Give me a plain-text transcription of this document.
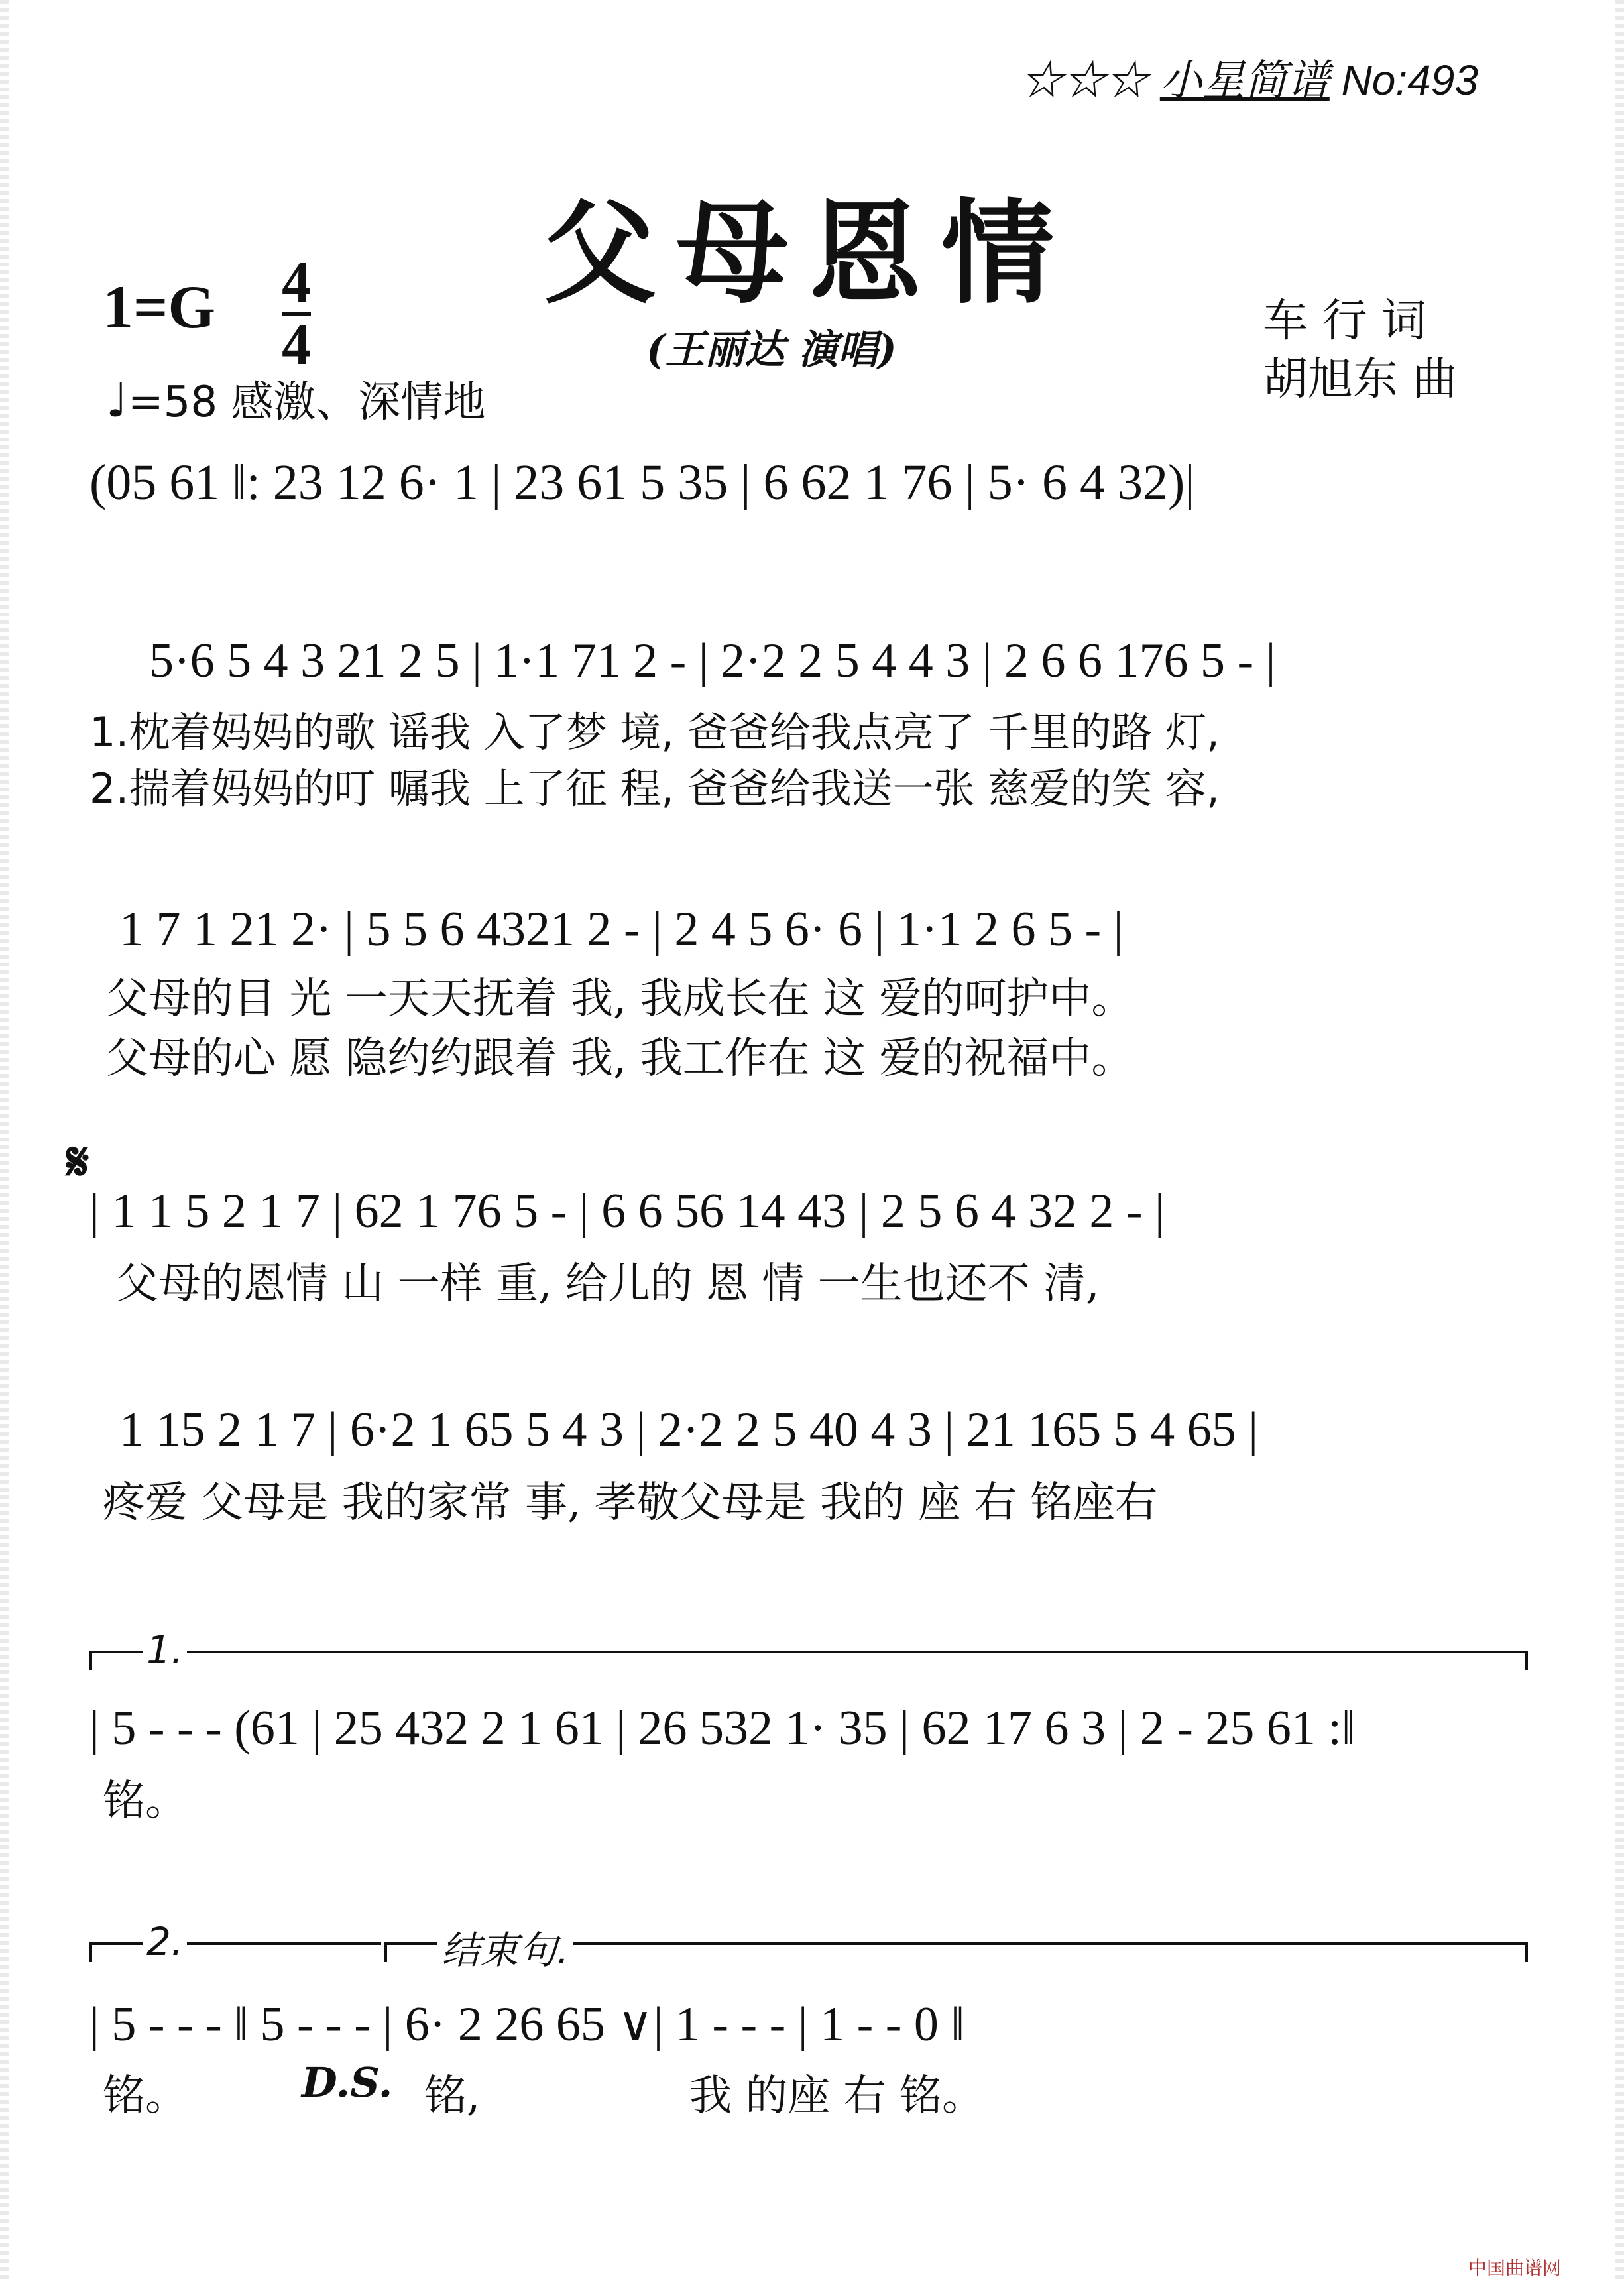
☆☆☆ 小星简谱 No:493
父母恩情
1=G 4
4
♩=58 感激、深情地
(王丽达 演唱)
车 行 词
胡旭东 曲
(05 61 ‖: 23 12 6· 1 | 23 61 5 35 | 6 62 1 76 | 5· 6 4 32)|
5·6 5 4 3 21 2 5 | 1·1 71 2 - | 2·2 2 5 4 4 3 | 2 6 6 176 5 - |
1.枕着妈妈的歌 谣我 入了梦 境, 爸爸给我点亮了 千里的路 灯,
2.揣着妈妈的叮 嘱我 上了征 程, 爸爸给我送一张 慈爱的笑 容,
1 7 1 21 2· | 5 5 6 4321 2 - | 2 4 5 6· 6 | 1·1 2 6 5 - |
父母的目 光 一天天抚着 我, 我成长在 这 爱的呵护中。
父母的心 愿 隐约约跟着 我, 我工作在 这 爱的祝福中。
𝄋
| 1 1 5 2 1 7 | 62 1 76 5 - | 6 6 56 14 43 | 2 5 6 4 32 2 - |
父母的恩情 山 一样 重, 给儿的 恩 情 一生也还不 清,
1 15 2 1 7 | 6·2 1 65 5 4 3 | 2·2 2 5 40 4 3 | 21 165 5 4 65 |
疼爱 父母是 我的家常 事, 孝敬父母是 我的 座 右 铭座右
1.
| 5 - - - (61 | 25 432 2 1 61 | 26 532 1· 35 | 62 17 6 3 | 2 - 25 61 :‖
铭。
2.	结束句.
| 5 - - - ‖ 5 - - - | 6· 2 26 65 ∨| 1 - - - | 1 - - 0 ‖
铭。	D.S. 铭,	我 的座 右 铭。
中国曲谱网
